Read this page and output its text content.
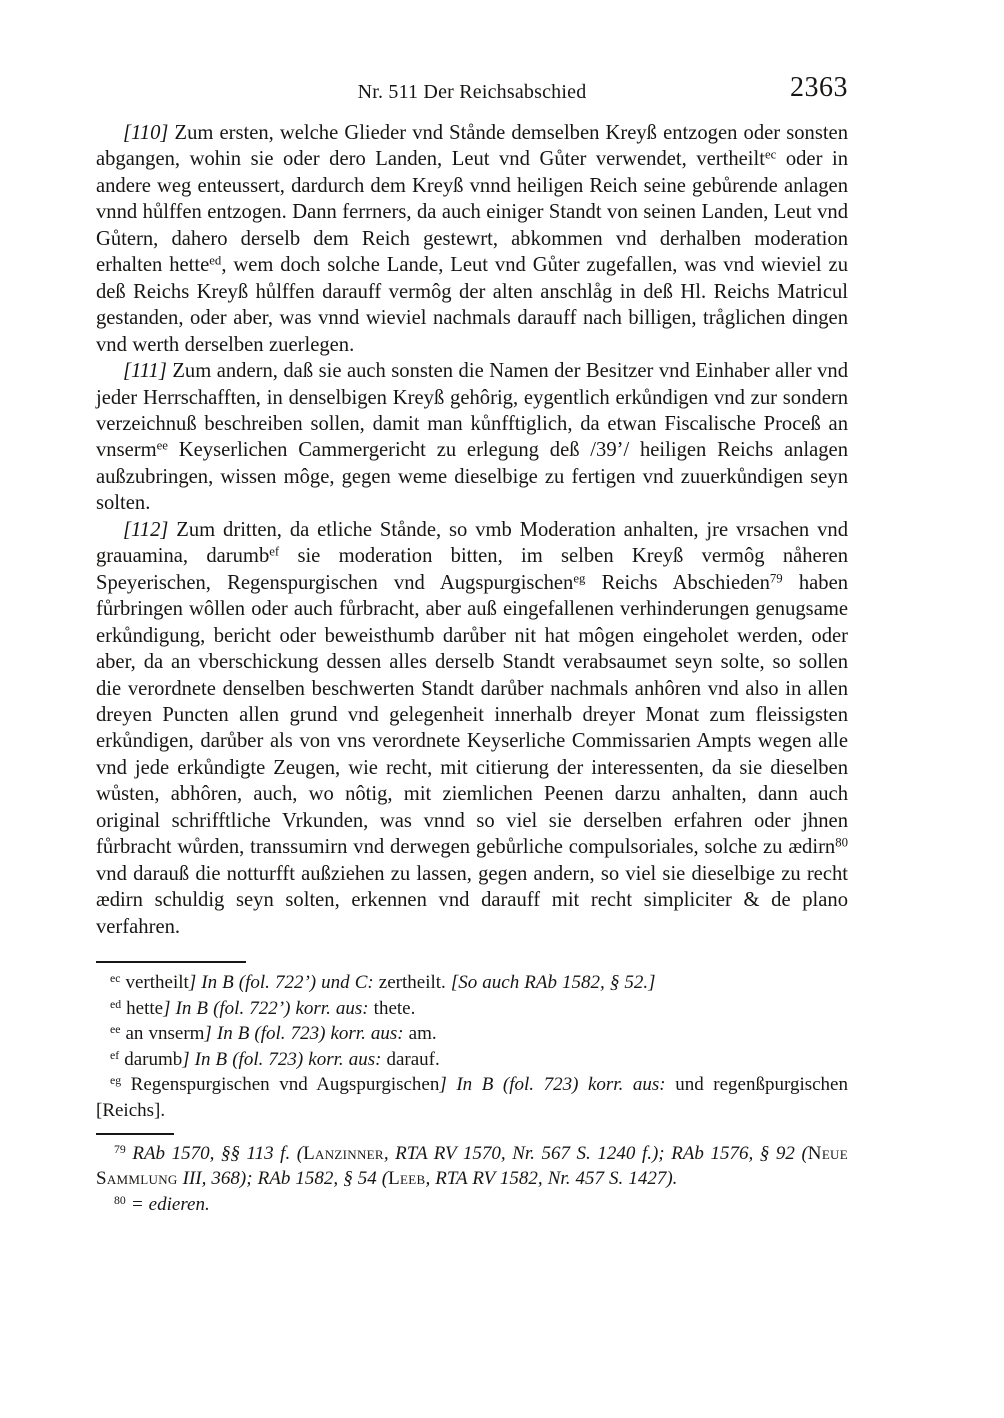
Nr. 511 Der Reichsabschied	2363

[110] Zum ersten, welche Glieder vnd Stånde demselben Kreyß entzogen oder sonsten abgangen, wohin sie oder dero Landen, Leut vnd Gůter verwendet, vertheilt$^{ec}$ oder in andere weg enteussert, dardurch dem Kreyß vnnd heiligen Reich seine gebůrende anlagen vnnd hůlffen entzogen. Dann ferrners, da auch einiger Standt von seinen Landen, Leut vnd Gůtern, dahero derselb dem Reich gestewrt, abkommen vnd derhalben moderation erhalten hette$^{ed}$, wem doch solche Lande, Leut vnd Gůter zugefallen, was vnd wieviel zu deß Reichs Kreyß hůlffen darauff vermôg der alten anschlåg in deß Hl. Reichs Matricul gestanden, oder aber, was vnnd wieviel nachmals darauff nach billigen, tråglichen dingen vnd werth derselben zuerlegen.

[111] Zum andern, daß sie auch sonsten die Namen der Besitzer vnd Einhaber aller vnd jeder Herrschafften, in denselbigen Kreyß gehôrig, eygentlich erkůndigen vnd zur sondern verzeichnuß beschreiben sollen, damit man kůnfftiglich, da etwan Fiscalische Proceß an vnserm$^{ee}$ Keyserlichen Cammergericht zu erlegung deß /39’/ heiligen Reichs anlagen außzubringen, wissen môge, gegen weme dieselbige zu fertigen vnd zuuerkůndigen seyn solten.

[112] Zum dritten, da etliche Stånde, so vmb Moderation anhalten, jre vrsachen vnd grauamina, darumb$^{ef}$ sie moderation bitten, im selben Kreyß vermôg nåheren Speyerischen, Regenspurgischen vnd Augspurgischen$^{eg}$ Reichs Abschieden$^{79}$ haben fůrbringen wôllen oder auch fůrbracht, aber auß eingefallenen verhinderungen genugsame erkůndigung, bericht oder beweisthumb darůber nit hat môgen eingeholet werden, oder aber, da an vberschickung dessen alles derselb Standt verabsaumet seyn solte, so sollen die verordnete denselben beschwerten Standt darůber nachmals anhôren vnd also in allen dreyen Puncten allen grund vnd gelegenheit innerhalb dreyer Monat zum fleissigsten erkůndigen, darůber als von vns verordnete Keyserliche Commissarien Ampts wegen alle vnd jede erkůndigte Zeugen, wie recht, mit citierung der interessenten, da sie dieselben wůsten, abhôren, auch, wo nôtig, mit ziemlichen Peenen darzu anhalten, dann auch original schrifftliche Vrkunden, was vnnd so viel sie derselben erfahren oder jhnen fůrbracht wůrden, transsumirn vnd derwegen gebůrliche compulsoriales, solche zu ædirn$^{80}$ vnd darauß die notturfft außziehen zu lassen, gegen andern, so viel sie dieselbige zu recht ædirn schuldig seyn solten, erkennen vnd darauff mit recht simpliciter & de plano verfahren.

$^{ec}$ vertheilt] In B (fol. 722’) und C: zertheilt. [So auch RAb 1582, § 52.]

$^{ed}$ hette] In B (fol. 722’) korr. aus: thete.

$^{ee}$ an vnserm] In B (fol. 723) korr. aus: am.

$^{ef}$ darumb] In B (fol. 723) korr. aus: darauf.

$^{eg}$ Regenspurgischen vnd Augspurgischen] In B (fol. 723) korr. aus: und regenßpurgischen [Reichs].

$^{79}$ RAb 1570, §§ 113 f. (Lanzinner, RTA RV 1570, Nr. 567 S. 1240 f.); RAb 1576, § 92 (Neue Sammlung III, 368); RAb 1582, § 54 (Leeb, RTA RV 1582, Nr. 457 S. 1427).

$^{80}$ = edieren.
